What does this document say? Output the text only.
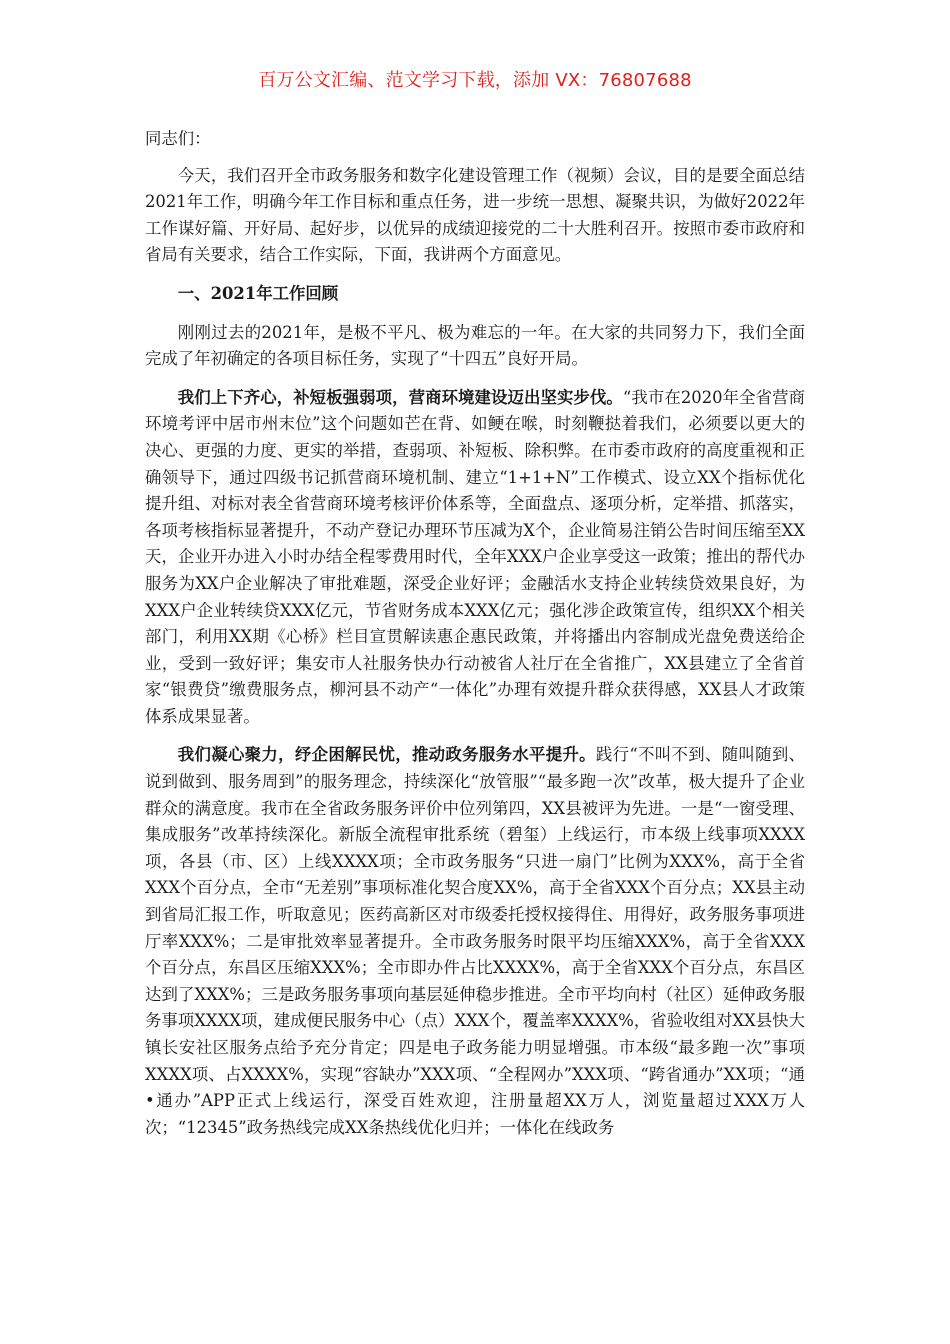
百万公文汇编、范文学习下载，添加 VX：76807688

同志们：

今天，我们召开全市政务服务和数字化建设管理工作（视频）会议，目的是要全面总结2021年工作，明确今年工作目标和重点任务，进一步统一思想、凝聚共识，为做好2022年工作谋好篇、开好局、起好步，以优异的成绩迎接党的二十大胜利召开。按照市委市政府和省局有关要求，结合工作实际，下面，我讲两个方面意见。

一、2021年工作回顾

刚刚过去的2021年，是极不平凡、极为难忘的一年。在大家的共同努力下，我们全面完成了年初确定的各项目标任务，实现了“十四五”良好开局。

我们上下齐心，补短板强弱项，营商环境建设迈出坚实步伐。“我市在2020年全省营商环境考评中居市州末位”这个问题如芒在背、如鲠在喉，时刻鞭挞着我们，必须要以更大的决心、更强的力度、更实的举措，查弱项、补短板、除积弊。在市委市政府的高度重视和正确领导下，通过四级书记抓营商环境机制、建立“1+1+N”工作模式、设立XX个指标优化提升组、对标对表全省营商环境考核评价体系等，全面盘点、逐项分析，定举措、抓落实，各项考核指标显著提升，不动产登记办理环节压减为X个，企业简易注销公告时间压缩至XX天，企业开办进入小时办结全程零费用时代，全年XXX户企业享受这一政策；推出的帮代办服务为XX户企业解决了审批难题，深受企业好评；金融活水支持企业转续贷效果良好，为XXX户企业转续贷XXX亿元，节省财务成本XXX亿元；强化涉企政策宣传，组织XX个相关部门，利用XX期《心桥》栏目宣贯解读惠企惠民政策，并将播出内容制成光盘免费送给企业，受到一致好评；集安市人社服务快办行动被省人社厅在全省推广，XX县建立了全省首家“银费贷”缴费服务点，柳河县不动产“一体化”办理有效提升群众获得感，XX县人才政策体系成果显著。

我们凝心聚力，纾企困解民忧，推动政务服务水平提升。践行“不叫不到、随叫随到、说到做到、服务周到”的服务理念，持续深化“放管服”“最多跑一次”改革，极大提升了企业群众的满意度。我市在全省政务服务评价中位列第四，XX县被评为先进。一是“一窗受理、集成服务”改革持续深化。新版全流程审批系统（碧玺）上线运行，市本级上线事项XXXX项，各县（市、区）上线XXXX项；全市政务服务“只进一扇门”比例为XXX%，高于全省XXX个百分点，全市“无差别”事项标准化契合度XX%，高于全省XXX个百分点；XX县主动到省局汇报工作，听取意见；医药高新区对市级委托授权接得住、用得好，政务服务事项进厅率XXX%；二是审批效率显著提升。全市政务服务时限平均压缩XXX%，高于全省XXX个百分点，东昌区压缩XXX%；全市即办件占比XXXX%，高于全省XXX个百分点，东昌区达到了XXX%；三是政务服务事项向基层延伸稳步推进。全市平均向村（社区）延伸政务服务事项XXXX项，建成便民服务中心（点）XXX个，覆盖率XXXX%，省验收组对XX县快大镇长安社区服务点给予充分肯定；四是电子政务能力明显增强。市本级“最多跑一次”事项XXXX项、占XXXX%，实现“容缺办”XXX项、“全程网办”XXX项、“跨省通办”XX项；“通•通办”APP正式上线运行，深受百姓欢迎，注册量超XX万人，浏览量超过XXX万人次；“12345”政务热线完成XX条热线优化归并；一体化在线政务
